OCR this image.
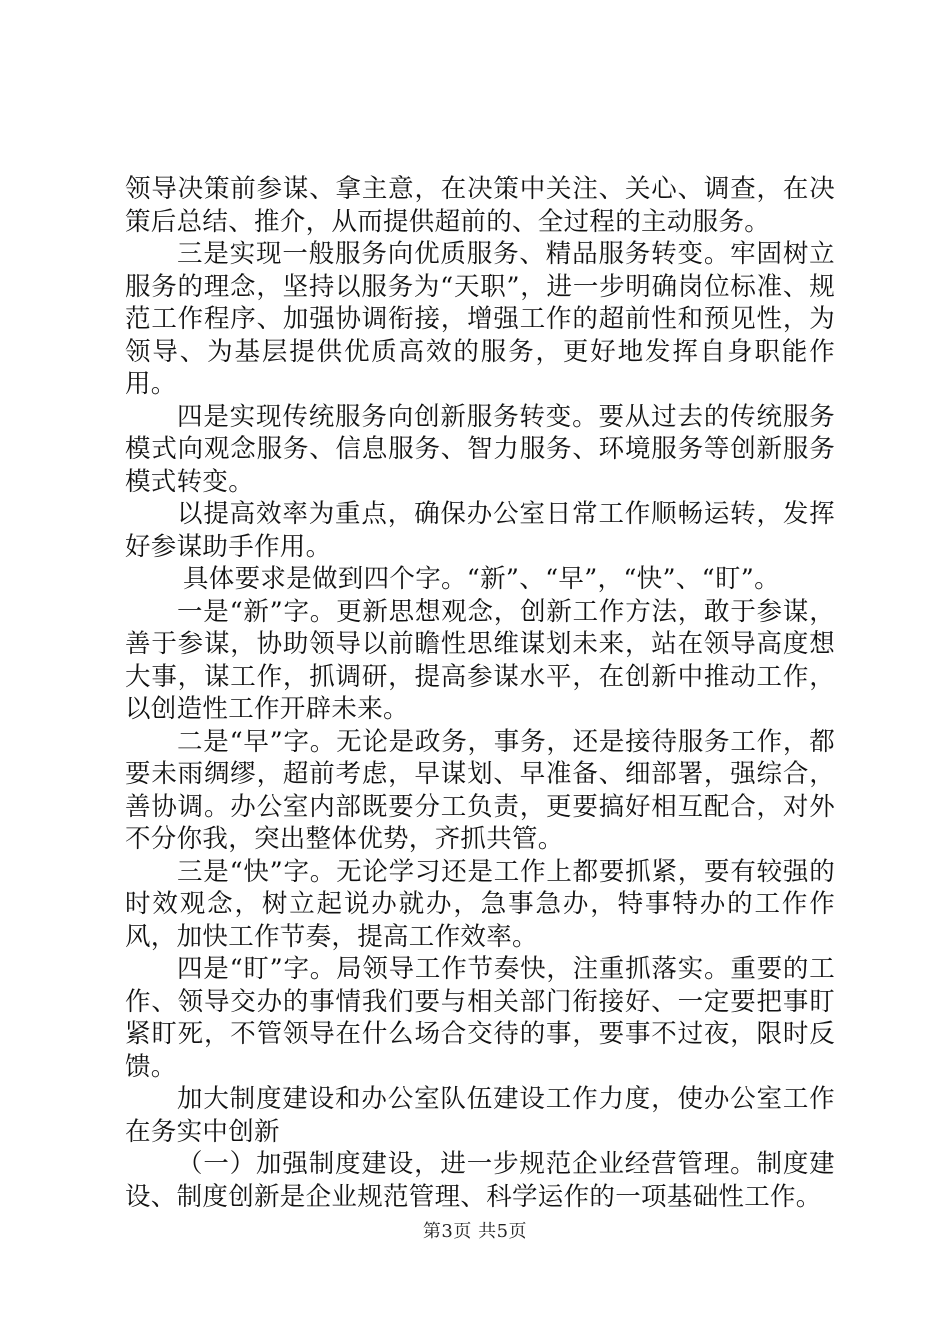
领导决策前参谋、拿主意，在决策中关注、关心、调查，在决策后总结、推介，从而提供超前的、全过程的主动服务。

三是实现一般服务向优质服务、精品服务转变。牢固树立服务的理念，坚持以服务为“天职”，进一步明确岗位标准、规范工作程序、加强协调衔接，增强工作的超前性和预见性，为领导、为基层提供优质高效的服务，更好地发挥自身职能作用。

四是实现传统服务向创新服务转变。要从过去的传统服务模式向观念服务、信息服务、智力服务、环境服务等创新服务模式转变。

以提高效率为重点，确保办公室日常工作顺畅运转，发挥好参谋助手作用。

具体要求是做到四个字。“新”、“早”，“快”、“盯”。

一是“新”字。更新思想观念，创新工作方法，敢于参谋，善于参谋，协助领导以前瞻性思维谋划未来，站在领导高度想大事，谋工作，抓调研，提高参谋水平，在创新中推动工作，以创造性工作开辟未来。

二是“早”字。无论是政务，事务，还是接待服务工作，都要未雨绸缪，超前考虑，早谋划、早准备、细部署，强综合，善协调。办公室内部既要分工负责，更要搞好相互配合，对外不分你我，突出整体优势，齐抓共管。

三是“快”字。无论学习还是工作上都要抓紧，要有较强的时效观念，树立起说办就办，急事急办，特事特办的工作作风，加快工作节奏，提高工作效率。

四是“盯”字。局领导工作节奏快，注重抓落实。重要的工作、领导交办的事情我们要与相关部门衔接好、一定要把事盯紧盯死，不管领导在什么场合交待的事，要事不过夜，限时反馈。

加大制度建设和办公室队伍建设工作力度，使办公室工作在务实中创新

（一）加强制度建设，进一步规范企业经营管理。制度建设、制度创新是企业规范管理、科学运作的一项基础性工作。

第3页 共5页
